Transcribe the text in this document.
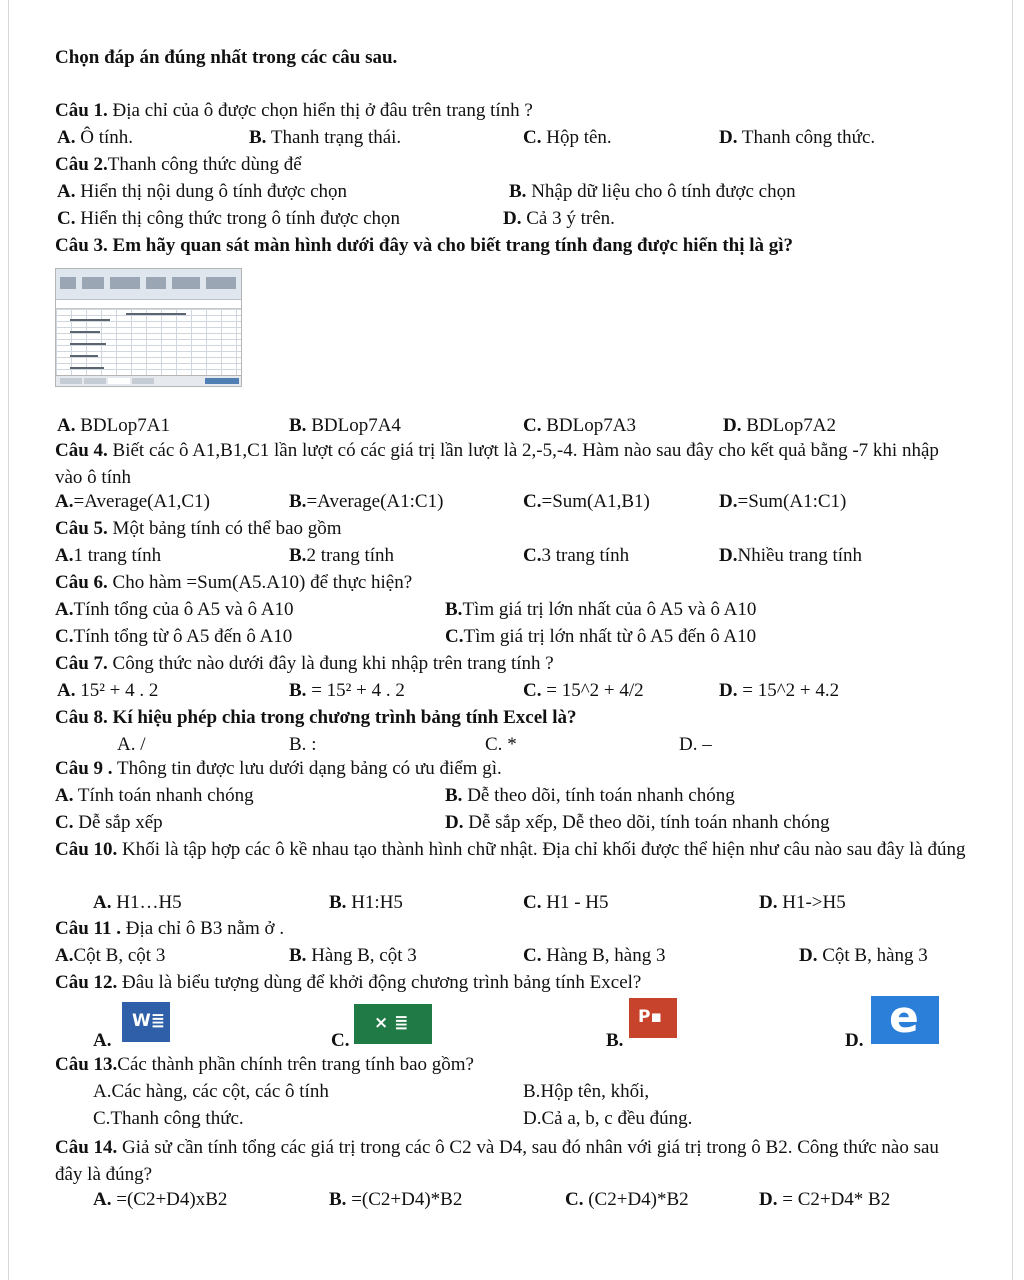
Chọn đáp án đúng nhất trong các câu sau.
Câu 1. Địa chỉ của ô được chọn hiển thị ở đâu trên trang tính ?
A. Ô tính.	B. Thanh trạng thái.	C. Hộp tên.	D. Thanh công thức.
Câu 2.Thanh công thức dùng để
A. Hiển thị nội dung ô tính được chọn	B. Nhập dữ liệu cho ô tính được chọn
C. Hiển thị công thức trong ô tính được chọn	D. Cả 3 ý trên.
Câu 3. Em hãy quan sát màn hình dưới đây và cho biết trang tính đang được hiển thị là gì?
A. BDLop7A1	B. BDLop7A4	C. BDLop7A3	D. BDLop7A2
Câu 4. Biết các ô A1,B1,C1 lần lượt có các giá trị lần lượt là 2,-5,-4. Hàm nào sau đây cho kết quả bằng -7 khi nhập vào ô tính
A.=Average(A1,C1)	B.=Average(A1:C1)	C.=Sum(A1,B1)	D.=Sum(A1:C1)
Câu 5. Một bảng tính có thể bao gồm
A.1 trang tính	B.2 trang tính	C.3 trang tính	D.Nhiều trang tính
Câu 6. Cho hàm =Sum(A5.A10) để thực hiện?
A.Tính tổng của ô A5 và ô A10	B.Tìm giá trị lớn nhất của ô A5 và ô A10
C.Tính tổng từ ô A5 đến ô A10	C.Tìm giá trị lớn nhất từ ô A5 đến ô A10
Câu 7. Công thức nào dưới đây là đung khi nhập trên trang tính ?
A. 15² + 4 . 2	B. = 15² + 4 . 2	C. = 15^2 + 4/2	D. = 15^2 + 4.2
Câu 8. Kí hiệu phép chia trong chương trình bảng tính Excel là?
A. /	B. :	C. *	D. –
Câu 9 . Thông tin được lưu dưới dạng bảng có ưu điểm gì.
A. Tính toán nhanh chóng	B. Dễ theo dõi, tính toán nhanh chóng
C. Dễ sắp xếp	D. Dễ sắp xếp, Dễ theo dõi, tính toán nhanh chóng
Câu 10. Khối là tập hợp các ô kề nhau tạo thành hình chữ nhật. Địa chỉ khối được thể hiện như câu nào sau đây là đúng
A. H1…H5	B. H1:H5	C. H1 - H5	D. H1->H5
Câu 11 . Địa chỉ ô B3 nằm ở .
A.Cột B, cột 3	B. Hàng B, cột 3	C. Hàng B, hàng 3	D. Cột B, hàng 3
Câu 12. Đâu là biểu tượng dùng để khởi động chương trình bảng tính Excel?
A.
W≣
C.
× ≣
B.
P▪
D. e
Câu 13.Các thành phần chính trên trang tính bao gồm?
A.Các hàng, các cột, các ô tính	B.Hộp tên, khối,
C.Thanh công thức.	D.Cả a, b, c đều đúng.
Câu 14. Giả sử cần tính tổng các giá trị trong các ô C2 và D4, sau đó nhân với giá trị trong ô B2. Công thức nào sau đây là đúng?
A. =(C2+D4)xB2	B. =(C2+D4)*B2	C. (C2+D4)*B2	D. = C2+D4* B2
